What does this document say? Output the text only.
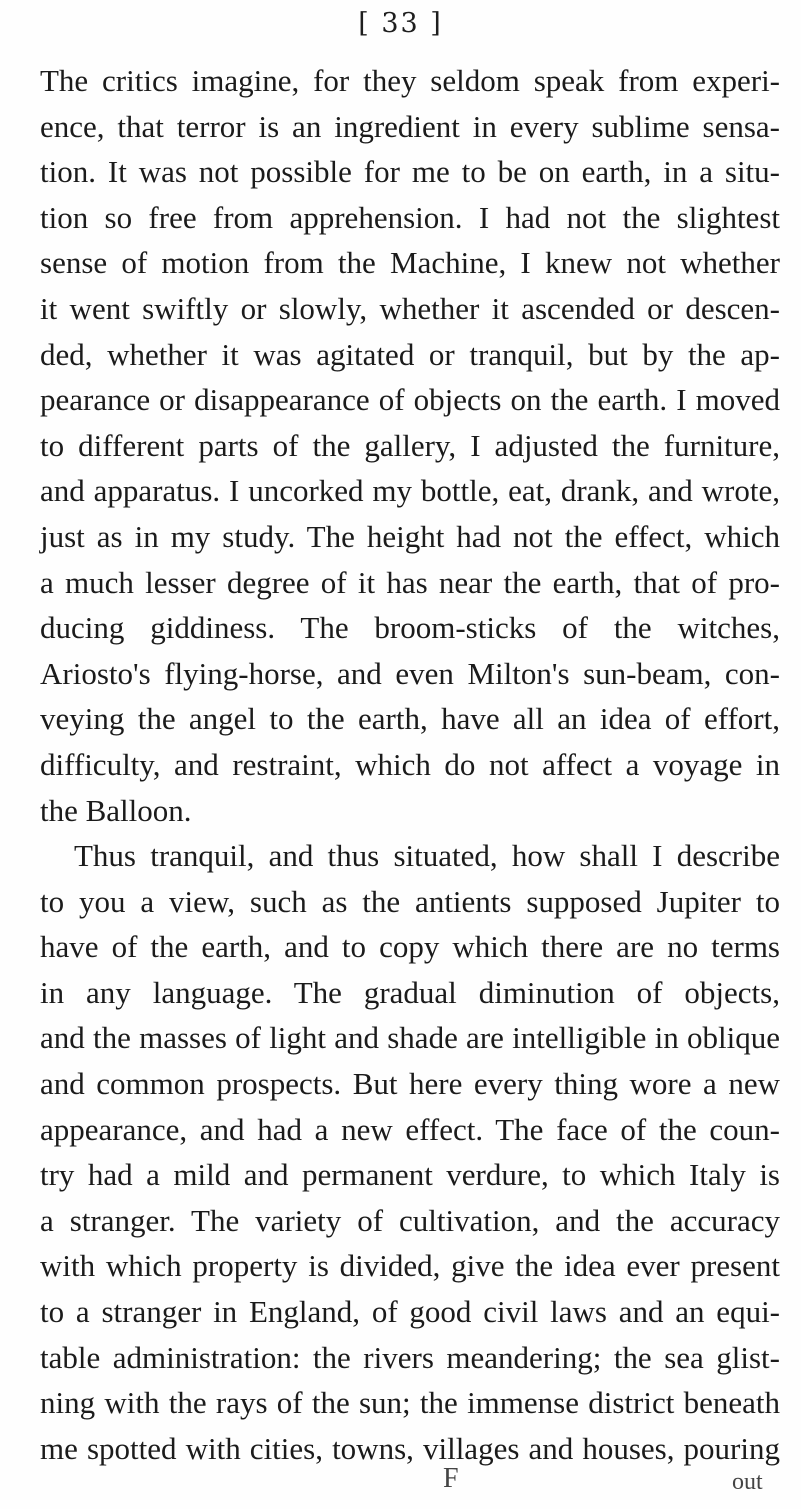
[ 33 ]
The critics imagine, for they seldom speak from experi-
ence, that terror is an ingredient in every sublime sensa-
tion. It was not possible for me to be on earth, in a situ-
tion so free from apprehension. I had not the slightest
sense of motion from the Machine, I knew not whether
it went swiftly or slowly, whether it ascended or descen-
ded, whether it was agitated or tranquil, but by the ap-
pearance or disappearance of objects on the earth. I moved
to different parts of the gallery, I adjusted the furniture,
and apparatus. I uncorked my bottle, eat, drank, and wrote,
just as in my study. The height had not the effect, which
a much lesser degree of it has near the earth, that of pro-
ducing giddiness. The broom-sticks of the witches,
Ariosto's flying-horse, and even Milton's sun-beam, con-
veying the angel to the earth, have all an idea of effort,
difficulty, and restraint, which do not affect a voyage in
the Balloon.
Thus tranquil, and thus situated, how shall I describe
to you a view, such as the antients supposed Jupiter to
have of the earth, and to copy which there are no terms
in any language. The gradual diminution of objects,
and the masses of light and shade are intelligible in oblique
and common prospects. But here every thing wore a new
appearance, and had a new effect. The face of the coun-
try had a mild and permanent verdure, to which Italy is
a stranger. The variety of cultivation, and the accuracy
with which property is divided, give the idea ever present
to a stranger in England, of good civil laws and an equi-
table administration: the rivers meandering; the sea glist-
ning with the rays of the sun; the immense district beneath
me spotted with cities, towns, villages and houses, pouring
F	out
